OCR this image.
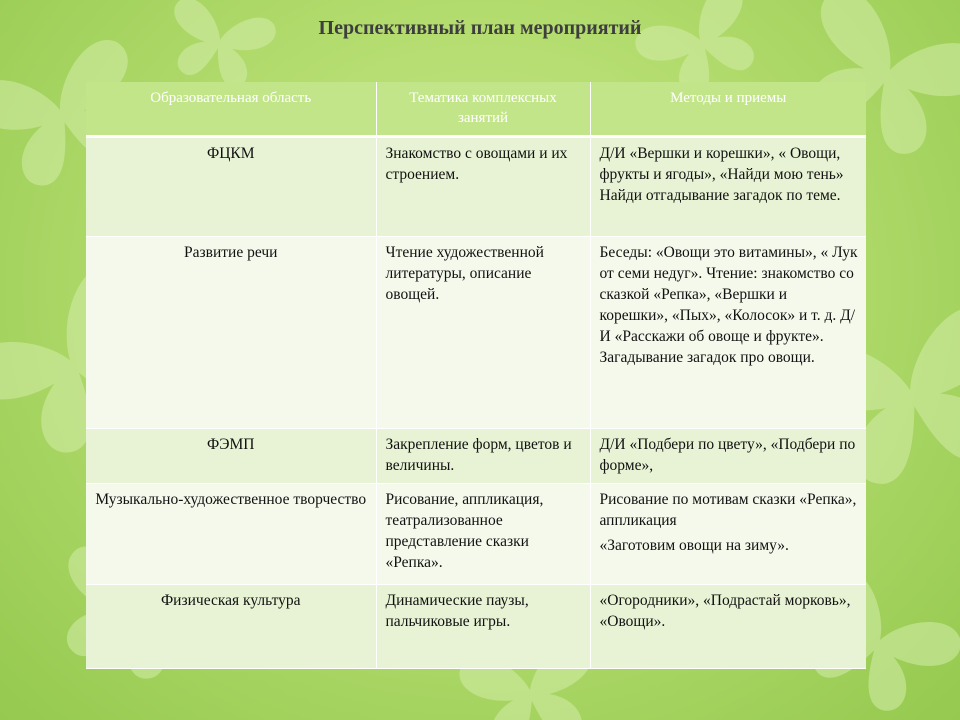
Перспективный план мероприятий
Образовательная область	Тематика комплексных занятий	Методы и приемы
ФЦКМ	Знакомство с овощами и их строением.	Д/И «Вершки и корешки», « Овощи, фрукты и ягоды», «Найди мою тень» Найди отгадывание загадок по теме.
Развитие речи	Чтение художественной литературы, описание овощей.	Беседы: «Овощи это витамины», « Лук от семи недуг». Чтение: знакомство со сказкой «Репка», «Вершки и корешки», «Пых», «Колосок» и т. д. Д/И «Расскажи об овоще и фрукте». Загадывание загадок про овощи.
ФЭМП	Закрепление форм, цветов и величины.	Д/И «Подбери по цвету», «Подбери по форме»,
Музыкально-художественное творчество	Рисование, аппликация, театрализованное представление сказки «Репка».	Рисование по мотивам сказки «Репка», аппликация
«Заготовим овощи на зиму».
Физическая культура	Динамические паузы, пальчиковые игры.	«Огородники», «Подрастай морковь», «Овощи».
